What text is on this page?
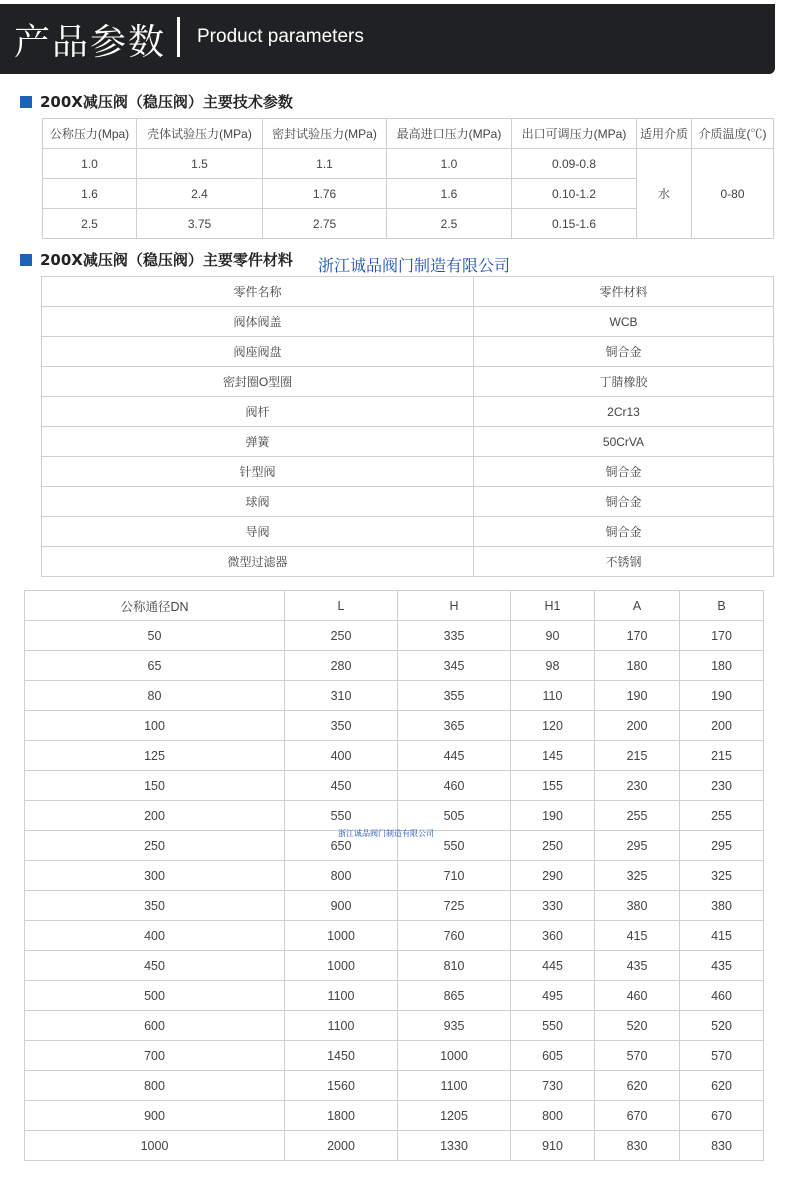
产品参数 Product parameters
200X减压阀（稳压阀）主要技术参数
公称压力(Mpa)	壳体试验压力(MPa)	密封试验压力(MPa)	最高进口压力(MPa)	出口可调压力(MPa)	适用介质	介质温度(℃)
1.0	1.5	1.1	1.0	0.09-0.8	水	0-80
1.6	2.4	1.76	1.6	0.10-1.2		
2.5	3.75	2.75	2.5	0.15-1.6		
200X减压阀（稳压阀）主要零件材料 浙江诚品阀门制造有限公司
零件名称	零件材料
阀体阀盖	WCB
阀座阀盘	铜合金
密封圈O型圈	丁腈橡胶
阀杆	2Cr13
弹簧	50CrVA
针型阀	铜合金
球阀	铜合金
导阀	铜合金
微型过滤器	不锈钢
公称通径DN	L	H	H1	A	B
50	250	335	90	170	170
65	280	345	98	180	180
80	310	355	110	190	190
100	350	365	120	200	200
125	400	445	145	215	215
150	450	460	155	230	230
200	550	505	190	255	255
250	650	550	250	295	295
300	800	710	290	325	325
350	900	725	330	380	380
400	1000	760	360	415	415
450	1000	810	445	435	435
500	1100	865	495	460	460
600	1100	935	550	520	520
700	1450	1000	605	570	570
800	1560	1100	730	620	620
900	1800	1205	800	670	670
1000	2000	1330	910	830	830
浙江诚品阀门制造有限公司
